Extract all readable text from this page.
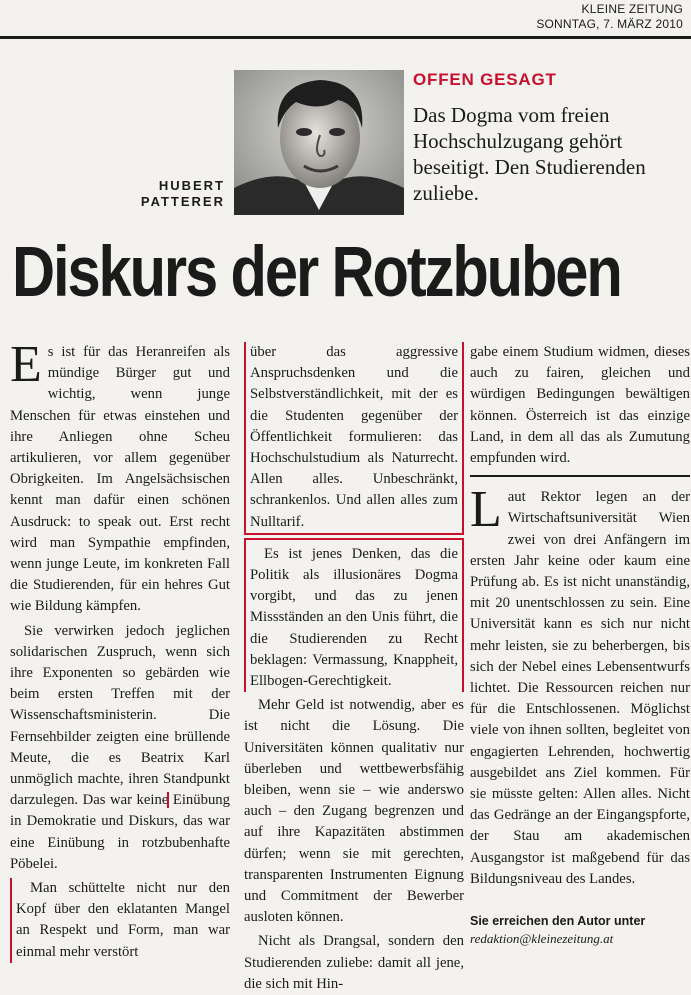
KLEINE ZEITUNG
SONNTAG, 7. MÄRZ 2010
HUBERT
PATTERER
OFFEN GESAGT
Das Dogma vom freien Hochschulzugang gehört beseitigt. Den Studierenden zuliebe.
Diskurs der Rotzbuben

Es ist für das Heranreifen als mündige Bürger gut und wichtig, wenn junge Menschen für etwas einstehen und ihre Anliegen ohne Scheu artikulieren, vor allem gegenüber Obrigkeiten. Im Angelsächsischen kennt man dafür einen schönen Ausdruck: to speak out. Erst recht wird man Sympathie empfinden, wenn junge Leute, im konkreten Fall die Studierenden, für ein hehres Gut wie Bildung kämpfen.

Sie verwirken jedoch jeglichen solidarischen Zuspruch, wenn sich ihre Exponenten so gebärden wie beim ersten Treffen mit der Wissenschaftsministerin. Die Fernsehbilder zeigten eine brüllende Meute, die es Beatrix Karl unmöglich machte, ihren Standpunkt darzulegen. Das war keine Einübung in Demokratie und Diskurs, das war eine Einübung in rotzbubenhafte Pöbelei.

Man schüttelte nicht nur den Kopf über den eklatanten Mangel an Respekt und Form, man war einmal mehr verstört

über das aggressive Anspruchsdenken und die Selbstverständlichkeit, mit der es die Studenten gegenüber der Öffentlichkeit formulieren: das Hochschulstudium als Naturrecht. Allen alles. Unbeschränkt, schrankenlos. Und allen alles zum Nulltarif.

Es ist jenes Denken, das die Politik als illusionäres Dogma vorgibt, und das zu jenen Missständen an den Unis führt, die die Studierenden zu Recht beklagen: Vermassung, Knappheit, Ellbogen-Gerechtigkeit.

Mehr Geld ist notwendig, aber es ist nicht die Lösung. Die Universitäten können qualitativ nur überleben und wettbewerbsfähig bleiben, wenn sie – wie anderswo auch – den Zugang begrenzen und auf ihre Kapazitäten abstimmen dürfen; wenn sie mit gerechten, transparenten Instrumenten Eignung und Commitment der Bewerber ausloten können.

Nicht als Drangsal, sondern den Studierenden zuliebe: damit all jene, die sich mit Hin-

gabe einem Studium widmen, dieses auch zu fairen, gleichen und würdigen Bedingungen bewältigen können. Österreich ist das einzige Land, in dem all das als Zumutung empfunden wird.

Laut Rektor legen an der Wirtschaftsuniversität Wien zwei von drei Anfängern im ersten Jahr keine oder kaum eine Prüfung ab. Es ist nicht unanständig, mit 20 unentschlossen zu sein. Eine Universität kann es sich nur nicht mehr leisten, sie zu beherbergen, bis sich der Nebel eines Lebensentwurfs lichtet. Die Ressourcen reichen nur für die Entschlossenen. Möglichst viele von ihnen sollten, begleitet von engagierten Lehrenden, hochwertig ausgebildet ans Ziel kommen. Für sie müsste gelten: Allen alles. Nicht das Gedränge an der Eingangspforte, der Stau am akademischen Ausgangstor ist maßgebend für das Bildungsniveau des Landes.

Sie erreichen den Autor unter
redaktion@kleinezeitung.at
